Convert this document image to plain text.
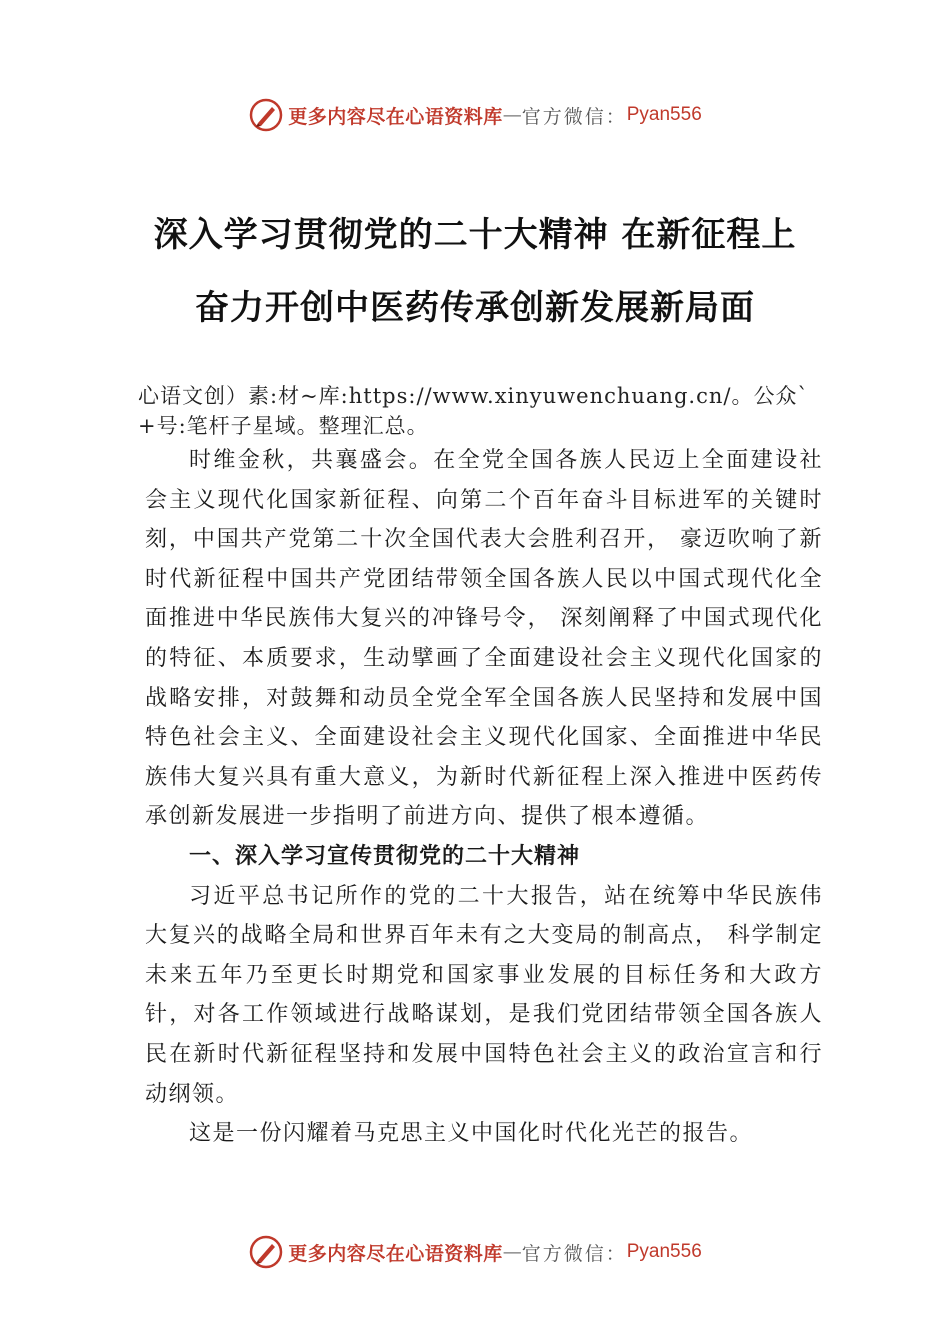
更多内容尽在心语资料库 — 官方微信： Pyan556
深入学习贯彻党的二十大精神 在新征程上
奋力开创中医药传承创新发展新局面
心语文创）素:材~库:https://www.xinyuwenchuang.cn/。公众`+号:笔杆子星域。整理汇总。

时维金秋，共襄盛会。在全党全国各族人民迈上全面建设社会主义现代化国家新征程、向第二个百年奋斗目标进军的关键时刻，中国共产党第二十次全国代表大会胜利召开， 豪迈吹响了新时代新征程中国共产党团结带领全国各族人民以中国式现代化全面推进中华民族伟大复兴的冲锋号令， 深刻阐释了中国式现代化的特征、本质要求，生动擘画了全面建设社会主义现代化国家的战略安排，对鼓舞和动员全党全军全国各族人民坚持和发展中国特色社会主义、全面建设社会主义现代化国家、全面推进中华民族伟大复兴具有重大意义，为新时代新征程上深入推进中医药传承创新发展进一步指明了前进方向、提供了根本遵循。

一、深入学习宣传贯彻党的二十大精神

习近平总书记所作的党的二十大报告，站在统筹中华民族伟大复兴的战略全局和世界百年未有之大变局的制高点， 科学制定未来五年乃至更长时期党和国家事业发展的目标任务和大政方针，对各工作领域进行战略谋划，是我们党团结带领全国各族人民在新时代新征程坚持和发展中国特色社会主义的政治宣言和行动纲领。

这是一份闪耀着马克思主义中国化时代化光芒的报告。

更多内容尽在心语资料库 — 官方微信： Pyan556
